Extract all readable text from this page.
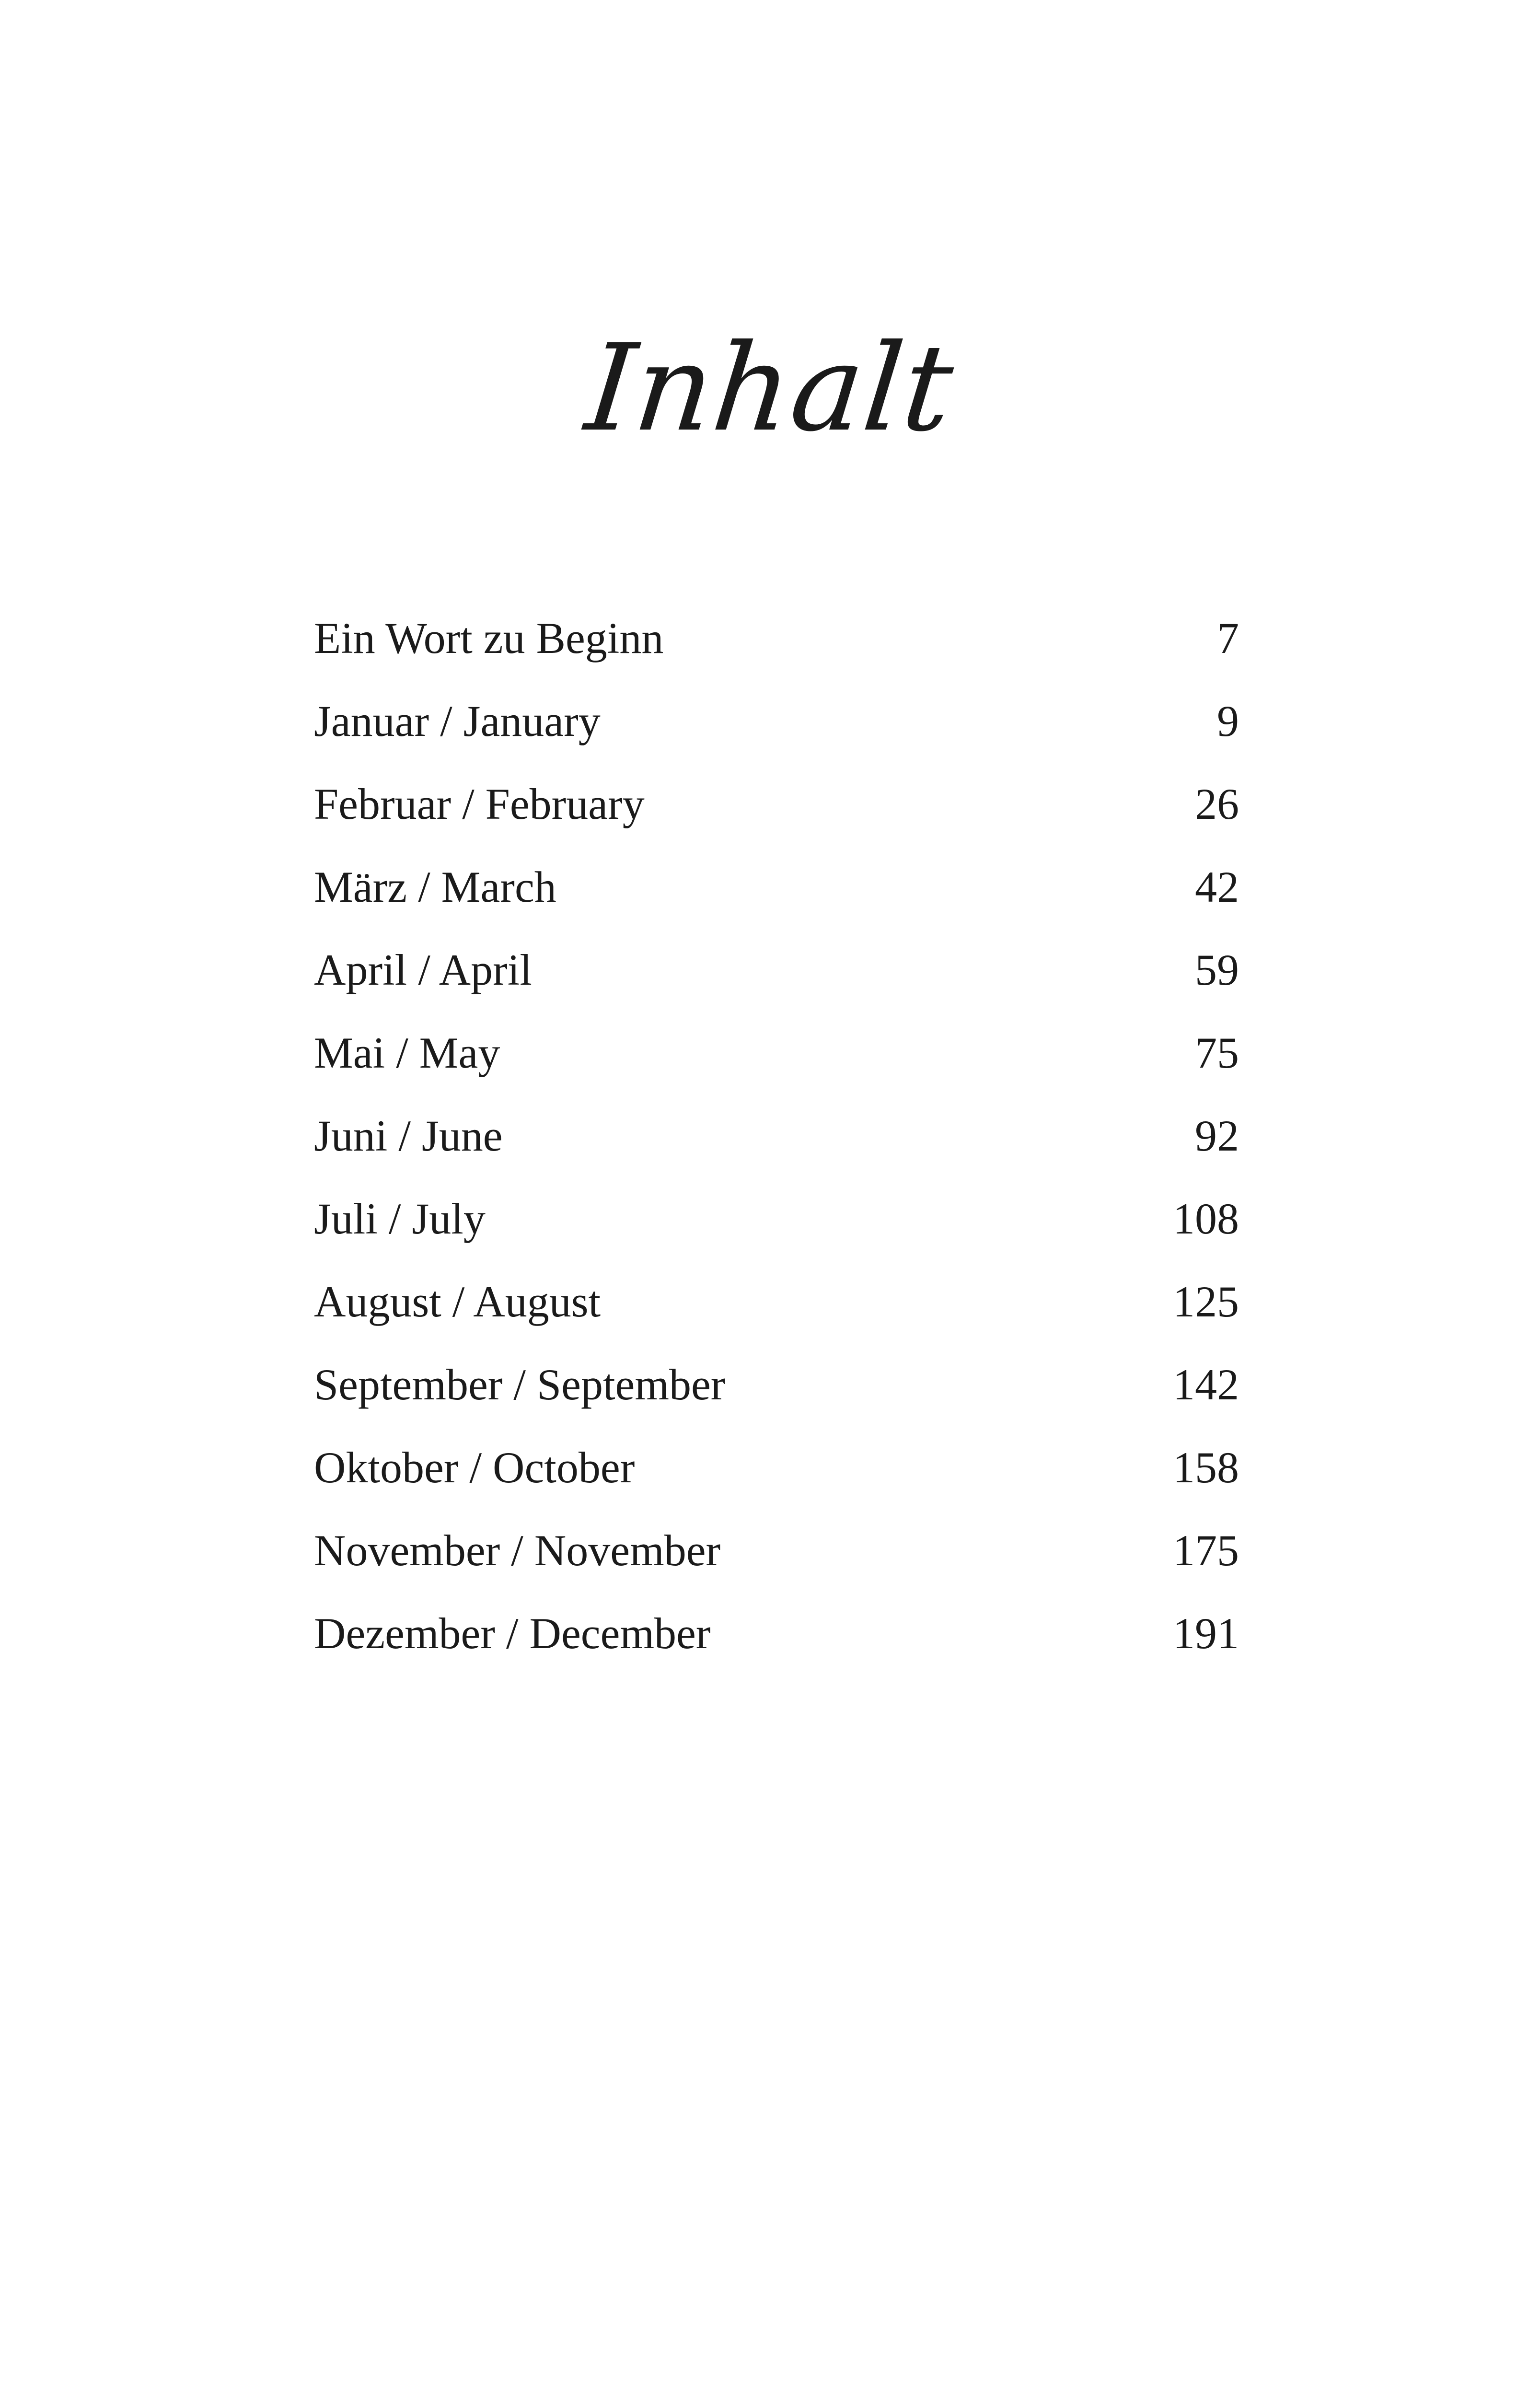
Inhalt
Ein Wort zu Beginn	7
Januar / January	9
Februar / February	26
März / March	42
April / April	59
Mai / May	75
Juni / June	92
Juli / July	108
August / August	125
September / September	142
Oktober / October	158
November / November	175
Dezember / December	191
